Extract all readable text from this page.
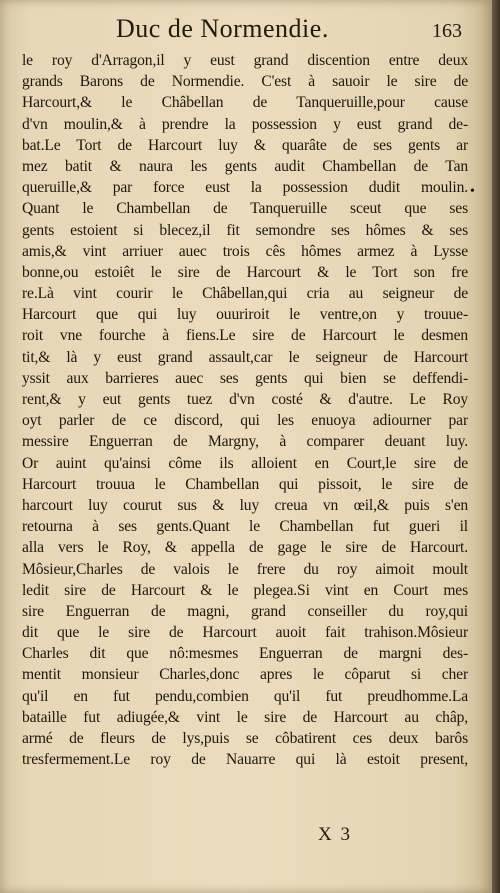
Duc de Normendie.	163
le roy d'Arragon,il y eust grand discention entre deux
grands Barons de Normendie. C'est à sauoir le sire de
Harcourt,& le Châbellan de Tanqueruille,pour cause
d'vn moulin,& à prendre la possession y eust grand de-
bat.Le Tort de Harcourt luy & quarâte de ses gents ar
mez batit & naura les gents audit Chambellan de Tan
queruille,& par force eust la possession dudit moulin.
Quant le Chambellan de Tanqueruille sceut que ses
gents estoient si blecez,il fit semondre ses hômes & ses
amis,& vint arriuer auec trois cês hômes armez à Lysse
bonne,ou estoiêt le sire de Harcourt & le Tort son fre
re.Là vint courir le Châbellan,qui cria au seigneur de
Harcourt que qui luy ouuriroit le ventre,on y trouue-
roit vne fourche à fiens.Le sire de Harcourt le desmen
tit,& là y eust grand assault,car le seigneur de Harcourt
yssit aux barrieres auec ses gents qui bien se deffendi-
rent,& y eut gents tuez d'vn costé & d'autre. Le Roy
oyt parler de ce discord, qui les enuoya adiourner par
messire Enguerran de Margny, à comparer deuant luy.
Or auint qu'ainsi côme ils alloient en Court,le sire de
Harcourt trouua le Chambellan qui pissoit, le sire de
harcourt luy courut sus & luy creua vn œil,& puis s'en
retourna à ses gents.Quant le Chambellan fut gueri il
alla vers le Roy, & appella de gage le sire de Harcourt.
Môsieur,Charles de valois le frere du roy aimoit moult
ledit sire de Harcourt & le plegea.Si vint en Court mes
sire Enguerran de magni, grand conseiller du roy,qui
dit que le sire de Harcourt auoit fait trahison.Môsieur
Charles dit que nô:mesmes Enguerran de margni des-
mentit monsieur Charles,donc apres le côparut si cher
qu'il en fut pendu,combien qu'il fut preudhomme.La
bataille fut adiugée,& vint le sire de Harcourt au châp,
armé de fleurs de lys,puis se côbatirent ces deux barôs
tresfermement.Le roy de Nauarre qui là estoit present,
•
X 3
